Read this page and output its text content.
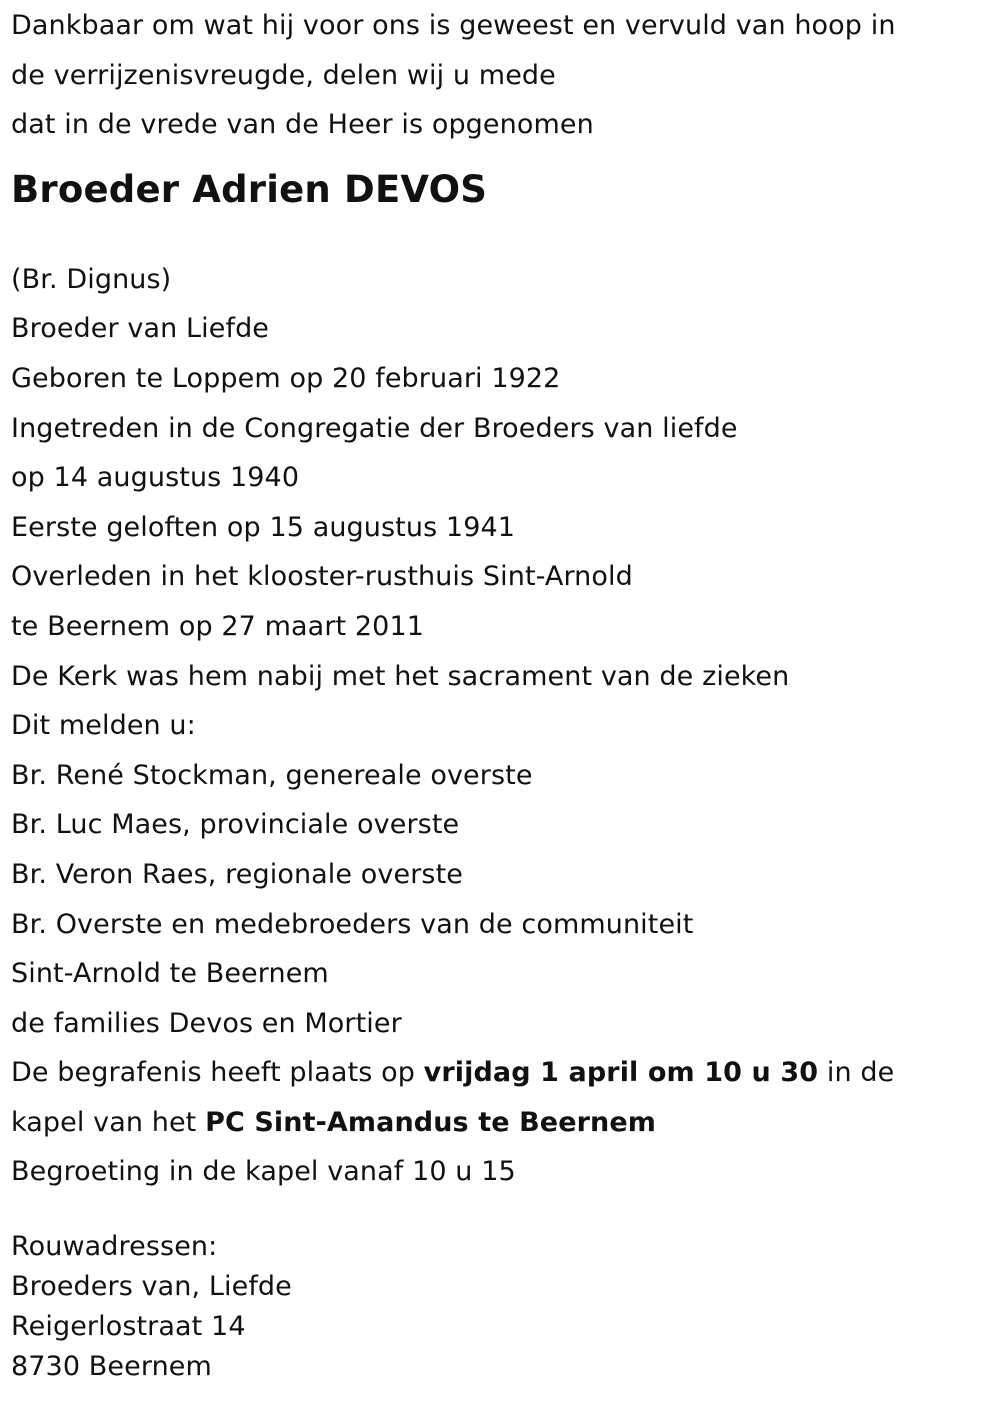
Dankbaar om wat hij voor ons is geweest en vervuld van hoop in

de verrijzenisvreugde, delen wij u mede

dat in de vrede van de Heer is opgenomen

Broeder Adrien DEVOS

(Br. Dignus)

Broeder van Liefde

Geboren te Loppem op 20 februari 1922

Ingetreden in de Congregatie der Broeders van liefde

op 14 augustus 1940

Eerste geloften op 15 augustus 1941

Overleden in het klooster-rusthuis Sint-Arnold

te Beernem op 27 maart 2011

De Kerk was hem nabij met het sacrament van de zieken

Dit melden u:

Br. René Stockman, genereale overste

Br. Luc Maes, provinciale overste

Br. Veron Raes, regionale overste

Br. Overste en medebroeders van de communiteit

Sint-Arnold te Beernem

de families Devos en Mortier

De begrafenis heeft plaats op vrijdag 1 april om 10 u 30 in de

kapel van het PC Sint-Amandus te Beernem

Begroeting in de kapel vanaf 10 u 15

Rouwadressen:

Broeders van, Liefde

Reigerlostraat 14

8730 Beernem
